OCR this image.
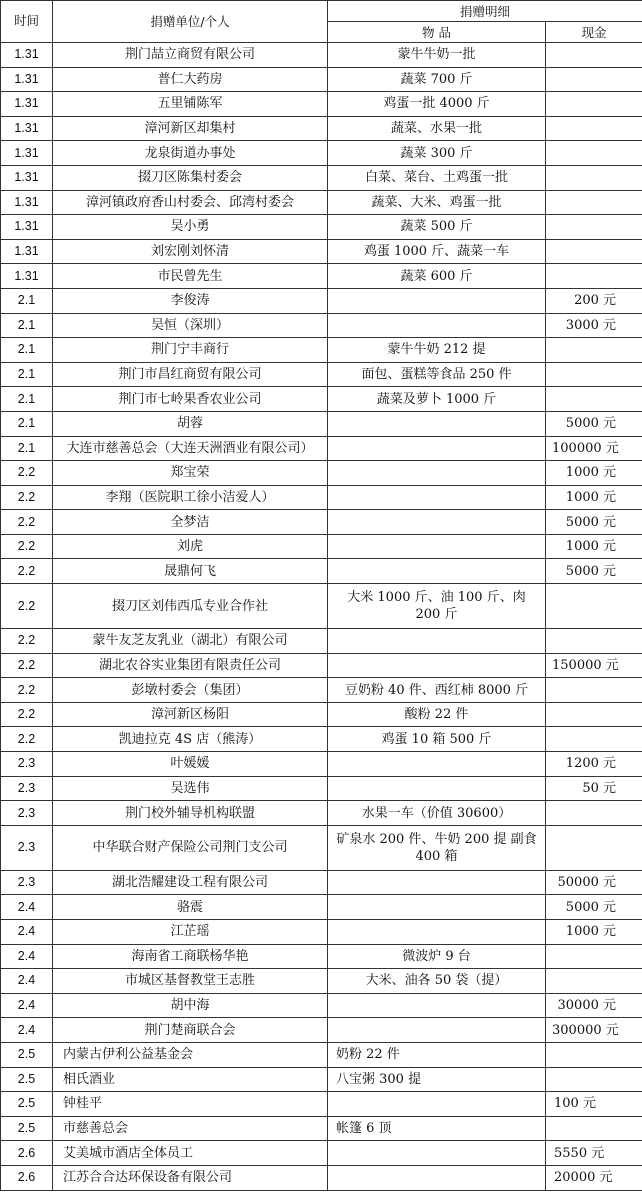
时间	捐赠单位/个人	捐赠明细	
		物 品	现金
1.31	荆门喆立商贸有限公司	蒙牛牛奶一批	
1.31	普仁大药房	蔬菜 700 斤	
1.31	五里铺陈军	鸡蛋一批 4000 斤	
1.31	漳河新区却集村	蔬菜、水果一批	
1.31	龙泉街道办事处	蔬菜 300 斤	
1.31	掇刀区陈集村委会	白菜、菜台、土鸡蛋一批	
1.31	漳河镇政府香山村委会、邱湾村委会	蔬菜、大米、鸡蛋一批	
1.31	吴小勇	蔬菜 500 斤	
1.31	刘宏刚刘怀清	鸡蛋 1000 斤、蔬菜一车	
1.31	市民曾先生	蔬菜 600 斤	
2.1	李俊涛		200 元
2.1	吴恒（深圳）		3000 元
2.1	荆门宁丰商行	蒙牛牛奶 212 提	
2.1	荆门市昌红商贸有限公司	面包、蛋糕等食品 250 件	
2.1	荆门市七岭果香农业公司	蔬菜及萝卜 1000 斤	
2.1	胡蓉		5000 元
2.1	大连市慈善总会（大连天洲酒业有限公司）		100000 元
2.2	郑宝荣		1000 元
2.2	李翔（医院职工徐小洁爱人）		1000 元
2.2	全梦洁		5000 元
2.2	刘虎		1000 元
2.2	晟鼎何飞		5000 元
2.2	掇刀区刘伟西瓜专业合作社	大米 1000 斤、油 100 斤、肉 200 斤	
2.2	蒙牛友芝友乳业（湖北）有限公司		
2.2	湖北农谷实业集团有限责任公司		150000 元
2.2	彭墩村委会（集团）	豆奶粉 40 件、西红柿 8000 斤	
2.2	漳河新区杨阳	酸粉 22 件	
2.2	凯迪拉克 4S 店（熊涛）	鸡蛋 10 箱 500 斤	
2.3	叶媛媛		1200 元
2.3	吴选伟		50 元
2.3	荆门校外辅导机构联盟	水果一车（价值 30600）	
2.3	中华联合财产保险公司荆门支公司	矿泉水 200 件、牛奶 200 提 副食 400 箱	
2.3	湖北浩耀建设工程有限公司		50000 元
2.4	骆震		5000 元
2.4	江芷瑶		1000 元
2.4	海南省工商联杨华艳	微波炉 9 台	
2.4	市城区基督教堂王志胜	大米、油各 50 袋（提）	
2.4	胡中海		30000 元
2.4	荆门楚商联合会		300000 元
2.5	内蒙古伊利公益基金会	奶粉 22 件	
2.5	相氏酒业	八宝粥 300 提	
2.5	钟桂平		100 元
2.5	市慈善总会	帐篷 6 顶	
2.6	艾美城市酒店全体员工		5550 元
2.6	江苏合合达环保设备有限公司		20000 元
